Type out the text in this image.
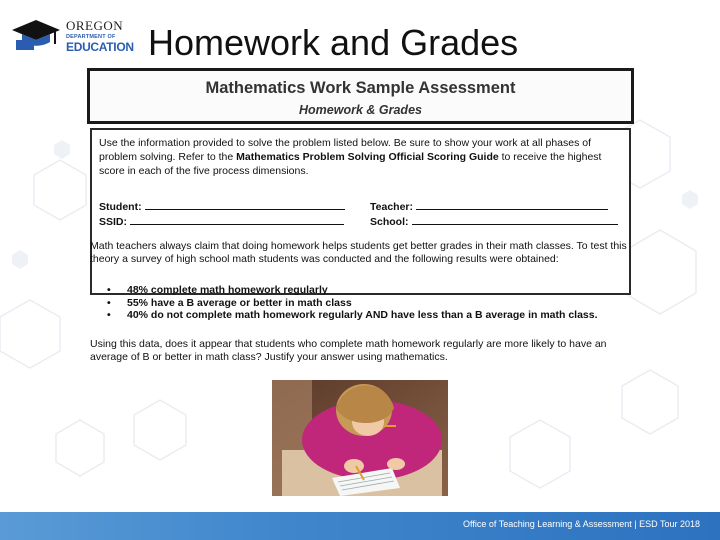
OREGON
DEPARTMENT OF
EDUCATION Homework and Grades
Mathematics Work Sample Assessment
Homework & Grades
Use the information provided to solve the problem listed below. Be sure to show your work at all phases of problem solving. Refer to the Mathematics Problem Solving Official Scoring Guide to receive the highest score in each of the five process dimensions.
Student:	Teacher:
SSID:	School:
Math teachers always claim that doing homework helps students get better grades in their math classes. To test this theory a survey of high school math students was conducted and the following results were obtained:
• 48% complete math homework regularly
• 55% have a B average or better in math class
• 40% do not complete math homework regularly AND have less than a B average in math class.
Using this data, does it appear that students who complete math homework regularly are more likely to have an average of B or better in math class? Justify your answer using mathematics.
Office of Teaching Learning & Assessment | ESD Tour 2018
